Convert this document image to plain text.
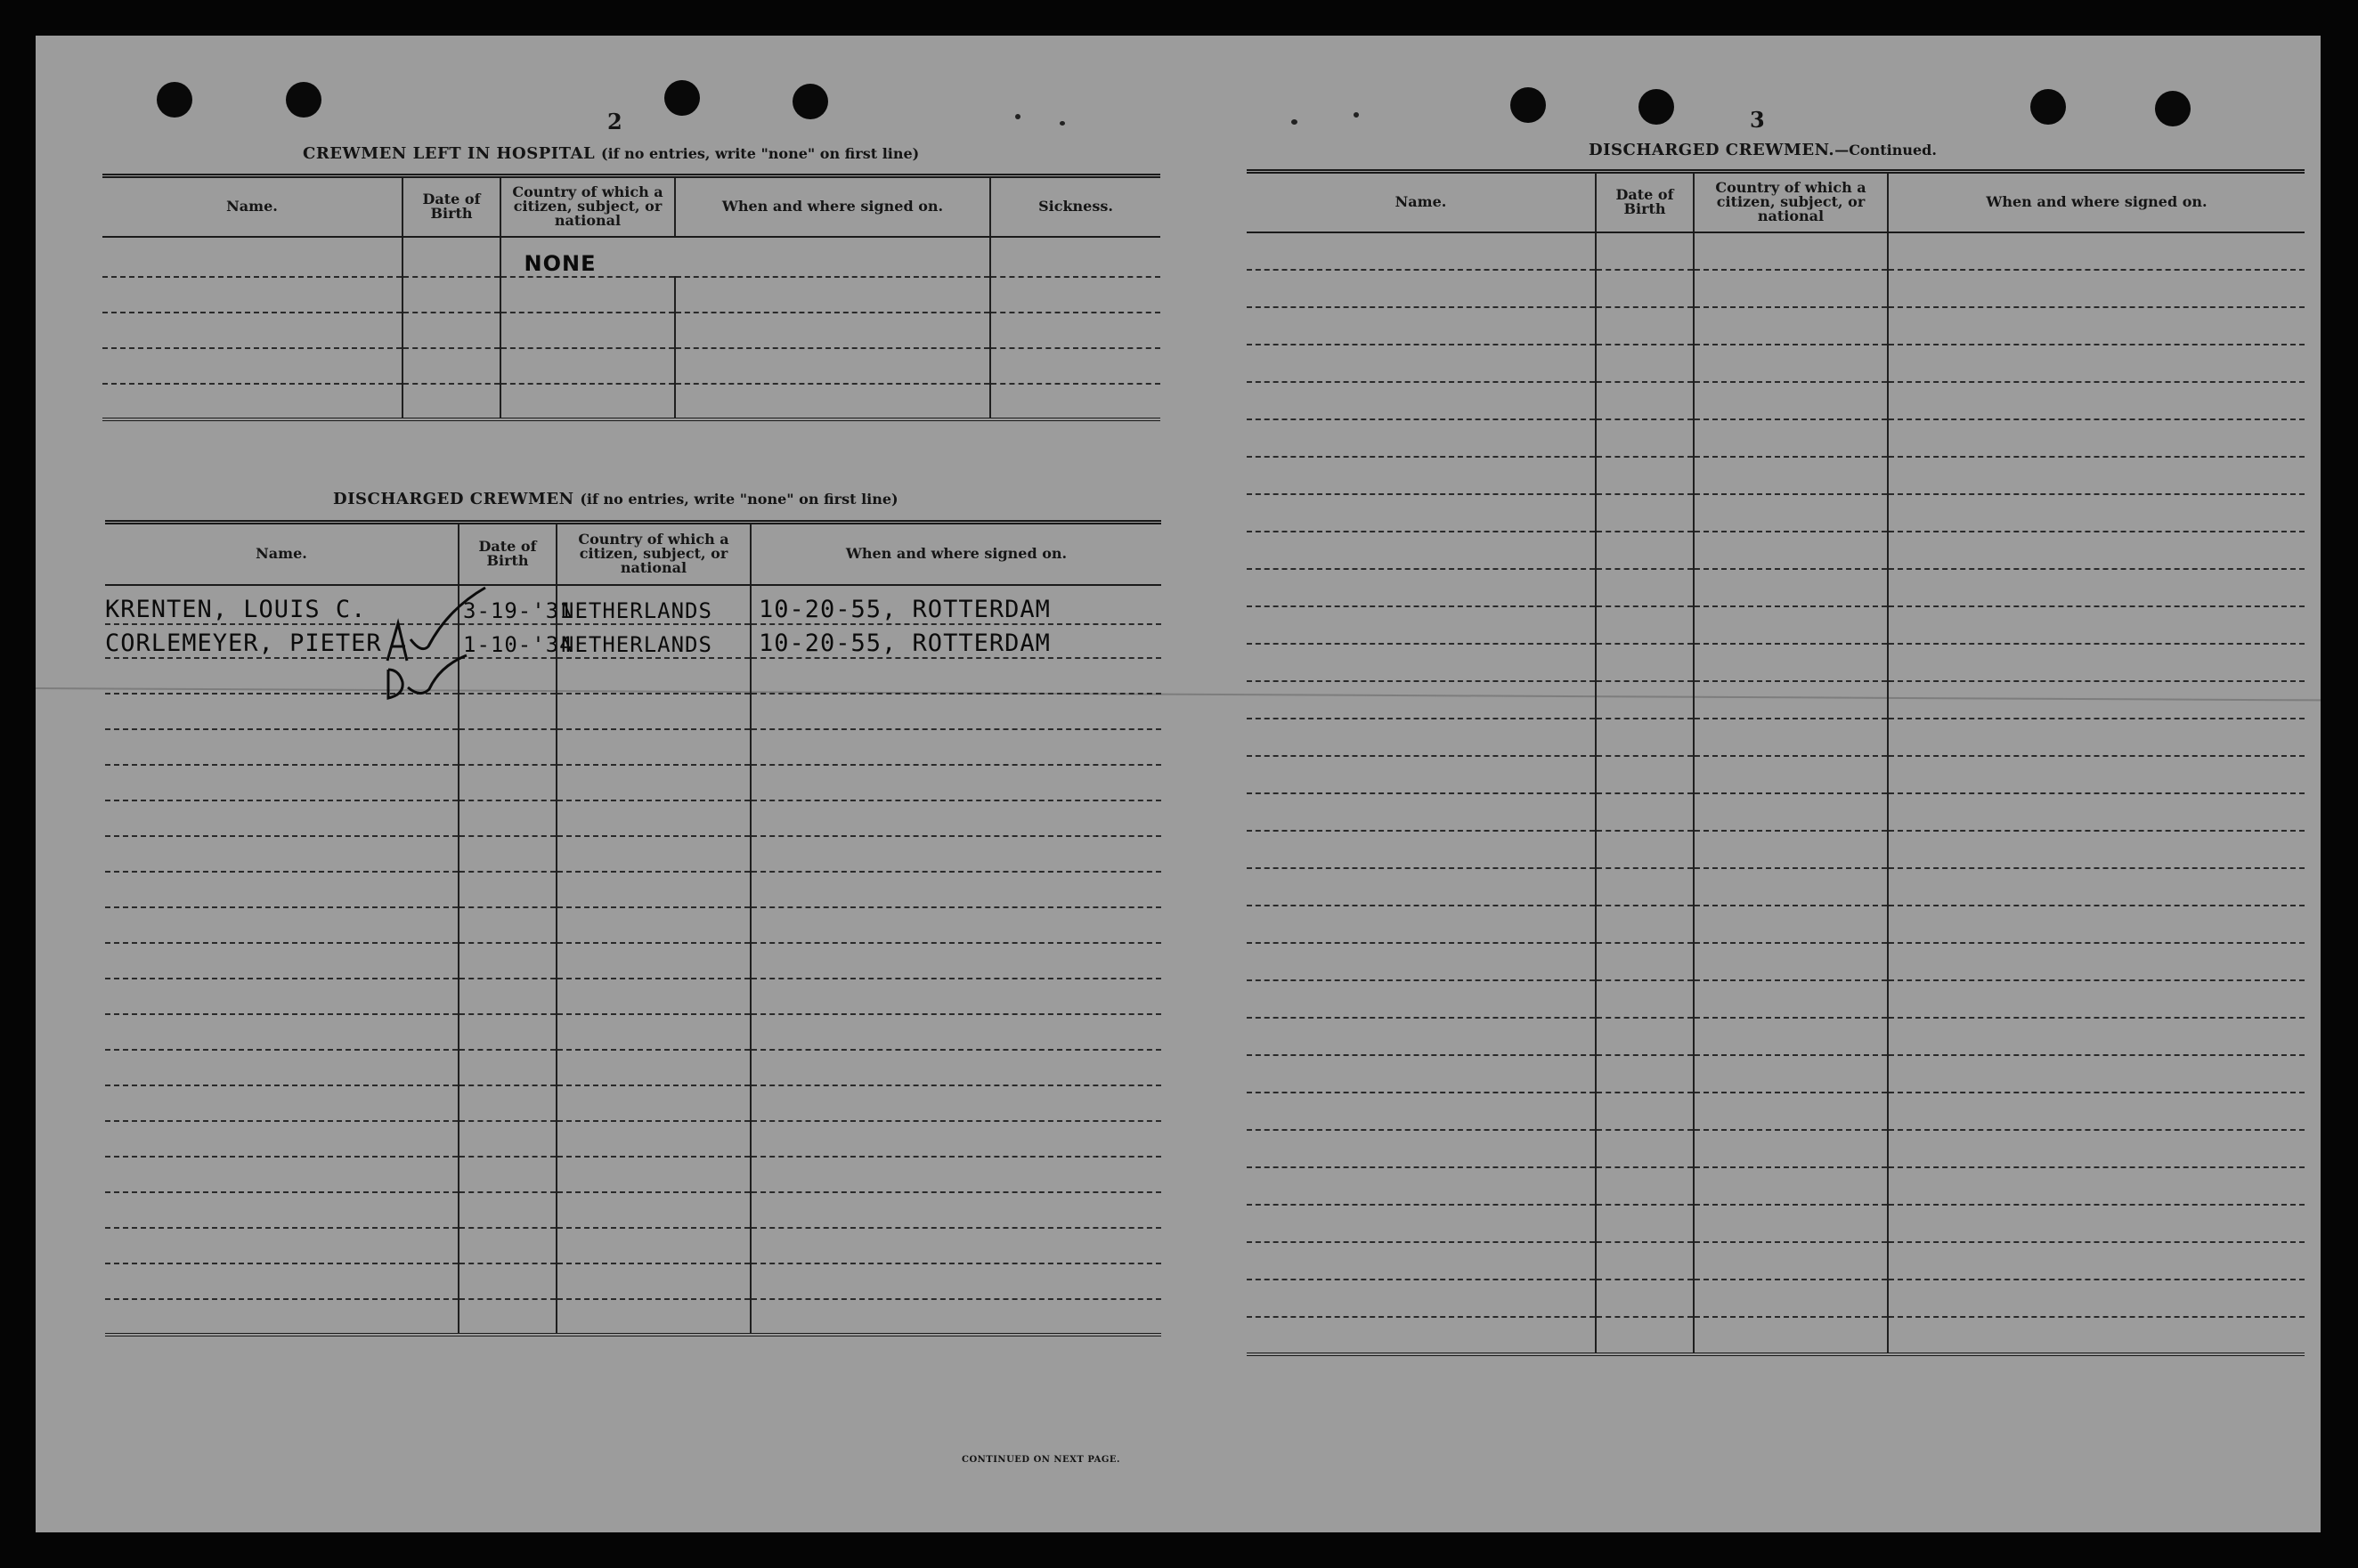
2
CREWMEN LEFT IN HOSPITAL (if no entries, write "none" on first line)
Name.	Date of Birth	Country of which a citizen, subject, or national	When and where signed on.	Sickness.
		NONE		

DISCHARGED CREWMEN (if no entries, write "none" on first line)
Name.	Date of Birth	Country of which a citizen, subject, or national	When and where signed on.
KRENTEN, LOUIS C.	3-19-'31	NETHERLANDS	10-20-55, ROTTERDAM
CORLEMEYER, PIETER	1-10-'34	NETHERLANDS	10-20-55, ROTTERDAM

CONTINUED ON NEXT PAGE.
3
DISCHARGED CREWMEN.—Continued.
Name.	Date of Birth	Country of which a citizen, subject, or national	When and where signed on.
